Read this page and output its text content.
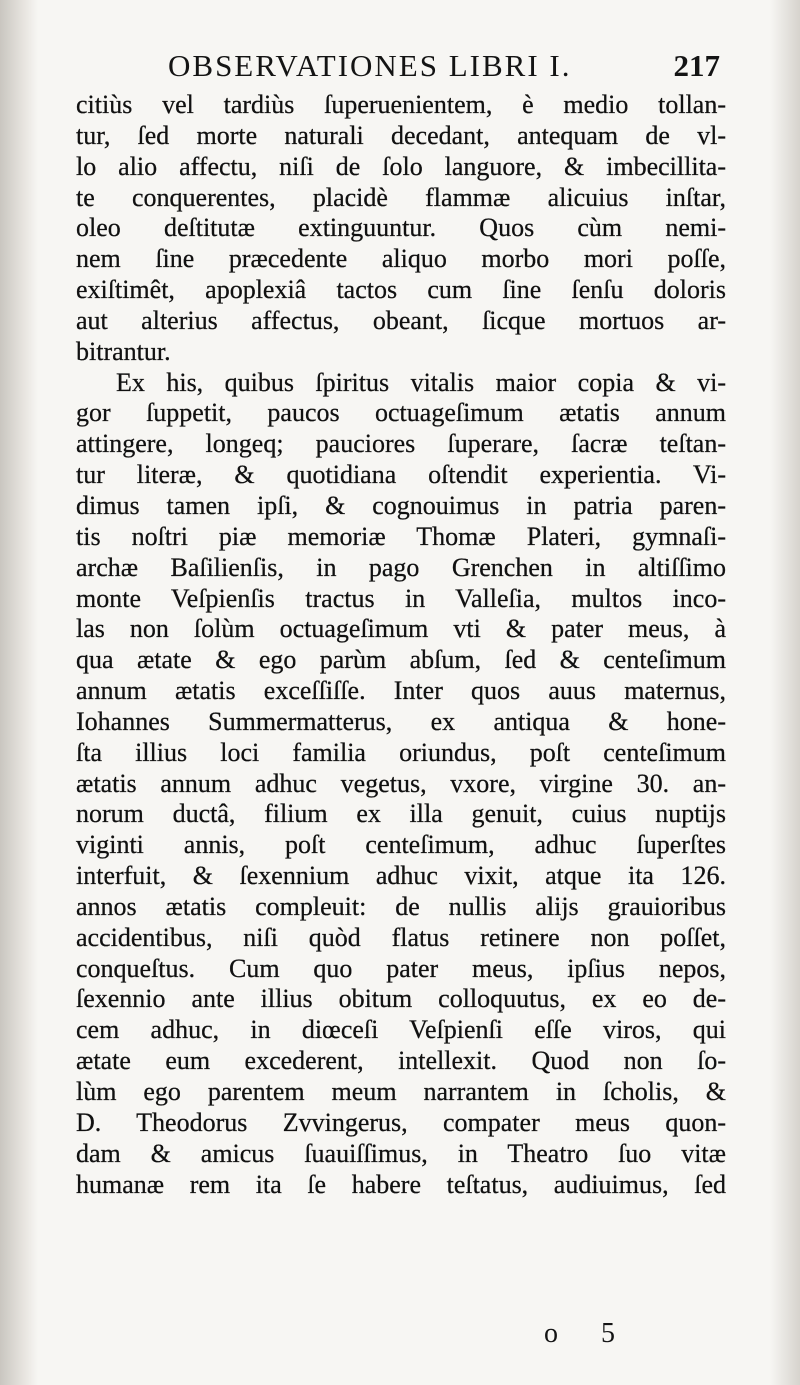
OBSERVATIONES LIBRI I.	217
citiùs vel tardiùs ſuperuenientem, è medio tollan-
tur, ſed morte naturali decedant, antequam de vl-
lo alio affectu, niſi de ſolo languore, & imbecillita-
te conquerentes, placidè flammæ alicuius inſtar,
oleo deſtitutæ extinguuntur. Quos cùm nemi-
nem ſine præcedente aliquo morbo mori poſſe,
exiſtimêt, apoplexiâ tactos cum ſine ſenſu doloris
aut alterius affectus, obeant, ſicque mortuos ar-
bitrantur.
Ex his, quibus ſpiritus vitalis maior copia & vi-
gor ſuppetit, paucos octuageſimum ætatis annum
attingere, longeq; pauciores ſuperare, ſacræ teſtan-
tur literæ, & quotidiana oſtendit experientia. Vi-
dimus tamen ipſi, & cognouimus in patria paren-
tis noſtri piæ memoriæ Thomæ Plateri, gymnaſi-
archæ Baſilienſis, in pago Grenchen in altiſſimo
monte Veſpienſis tractus in Valleſia, multos inco-
las non ſolùm octuageſimum vti & pater meus, à
qua ætate & ego parùm abſum, ſed & centeſimum
annum ætatis exceſſiſſe. Inter quos auus maternus,
Iohannes Summermatterus, ex antiqua & hone-
ſta illius loci familia oriundus, poſt centeſimum
ætatis annum adhuc vegetus, vxore, virgine 30. an-
norum ductâ, filium ex illa genuit, cuius nuptijs
viginti annis, poſt centeſimum, adhuc ſuperſtes
interfuit, & ſexennium adhuc vixit, atque ita 126.
annos ætatis compleuit: de nullis alijs grauioribus
accidentibus, niſi quòd flatus retinere non poſſet,
conqueſtus. Cum quo pater meus, ipſius nepos,
ſexennio ante illius obitum colloquutus, ex eo de-
cem adhuc, in diœceſi Veſpienſi eſſe viros, qui
ætate eum excederent, intellexit. Quod non ſo-
lùm ego parentem meum narrantem in ſcholis, &
D. Theodorus Zvvingerus, compater meus quon-
dam & amicus ſuauiſſimus, in Theatro ſuo vitæ
humanæ rem ita ſe habere teſtatus, audiuimus, ſed
o 5
